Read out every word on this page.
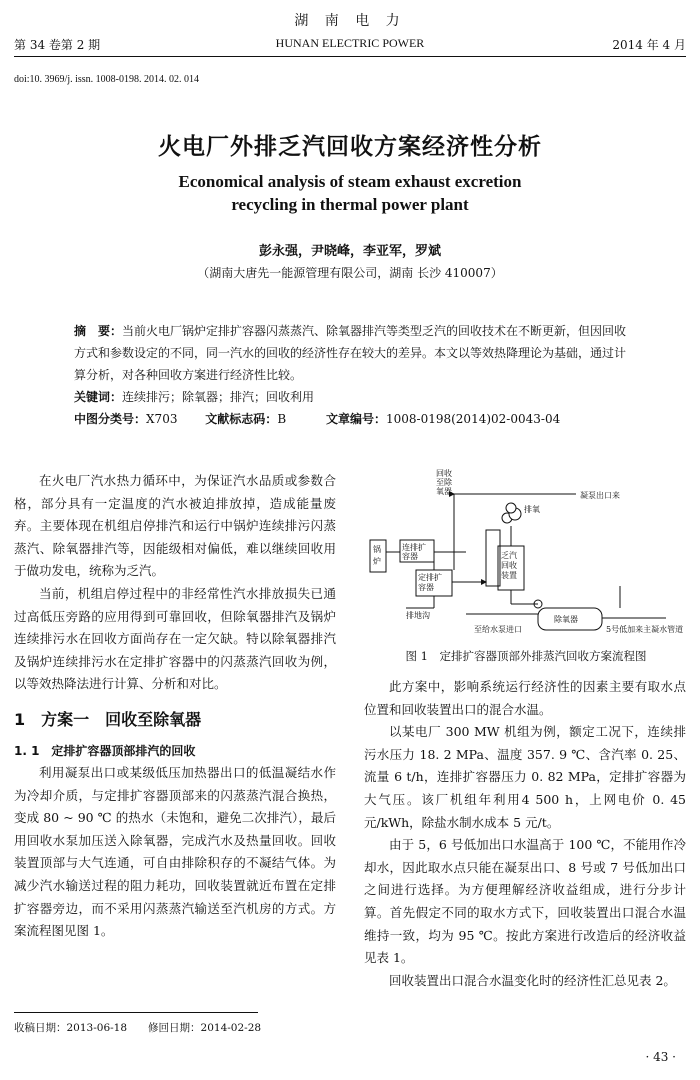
湖 南 电 力
第 34 卷第 2 期	HUNAN ELECTRIC POWER	2014 年 4 月
doi:10. 3969/j. issn. 1008-0198. 2014. 02. 014
火电厂外排乏汽回收方案经济性分析
Economical analysis of steam exhaust excretion
recycling in thermal power plant
彭永强，尹晓峰，李亚军，罗斌
（湖南大唐先一能源管理有限公司，湖南 长沙 410007）
摘　要：当前火电厂锅炉定排扩容器闪蒸蒸汽、除氧器排汽等类型乏汽的回收技术在不断更新，但因回收方式和参数设定的不同，同一汽水的回收的经济性存在较大的差异。本文以等效热降理论为基础，通过计算分析，对各种回收方案进行经济性比较。
关键词：连续排污；除氧器；排汽；回收利用
中图分类号：X703   文献标志码：B   	文章编号：1008-0198(2014)02-0043-04

在火电厂汽水热力循环中，为保证汽水品质或参数合格，部分具有一定温度的汽水被迫排放掉，造成能量废弃。主要体现在机组启停排汽和运行中锅炉连续排污闪蒸蒸汽、除氧器排汽等，因能级相对偏低，难以继续回收用于做功发电，统称为乏汽。

当前，机组启停过程中的非经常性汽水排放损失已通过高低压旁路的应用得到可靠回收，但除氧器排汽及锅炉连续排污水在回收方面尚存在一定欠缺。特以除氧器排汽及锅炉连续排污水在定排扩容器中的闪蒸蒸汽回收为例，以等效热降法进行计算、分析和对比。

1　方案一　回收至除氧器
1. 1　定排扩容器顶部排汽的回收

利用凝泵出口或某级低压加热器出口的低温凝结水作为冷却介质，与定排扩容器顶部来的闪蒸蒸汽混合换热，变成 80 ~ 90 ℃ 的热水（未饱和，避免二次排汽），最后用回收水泵加压送入除氧器，完成汽水及热量回收。回收装置顶部与大气连通，可自由排除积存的不凝结气体。为减少汽水输送过程的阻力耗功，回收装置就近布置在定排扩容器旁边，而不采用闪蒸蒸汽输送至汽机房的方式。方案流程图见图 1。

回收
至除
氧器	凝泵出口来
排氧
锅
炉
连排扩
容器
定排扩
容器
乏汽
回收
装置
排地沟	除氧器
至给水泵进口	5号低加来主凝水管道
图 1　定排扩容器顶部外排蒸汽回收方案流程图

此方案中，影响系统运行经济性的因素主要有取水点位置和回收装置出口的混合水温。

以某电厂 300 MW 机组为例，额定工况下，连续排污水压力 18. 2 MPa、温度 357. 9 ℃、含汽率 0. 25、流量 6 t/h，连排扩容器压力 0. 82 MPa，定排扩容器为大气压。该厂机组年利用4 500 h，上网电价 0. 45 元/kWh，除盐水制水成本 5 元/t。

由于 5，6 号低加出口水温高于 100 ℃，不能用作冷却水，因此取水点只能在凝泵出口、8 号或 7 号低加出口之间进行选择。为方便理解经济收益组成，进行分步计算。首先假定不同的取水方式下，回收装置出口混合水温维持一致，均为 95 ℃。按此方案进行改造后的经济收益见表 1。

回收装置出口混合水温变化时的经济性汇总见表 2。

收稿日期：2013-06-18　　修回日期：2014-02-28
· 43 ·
